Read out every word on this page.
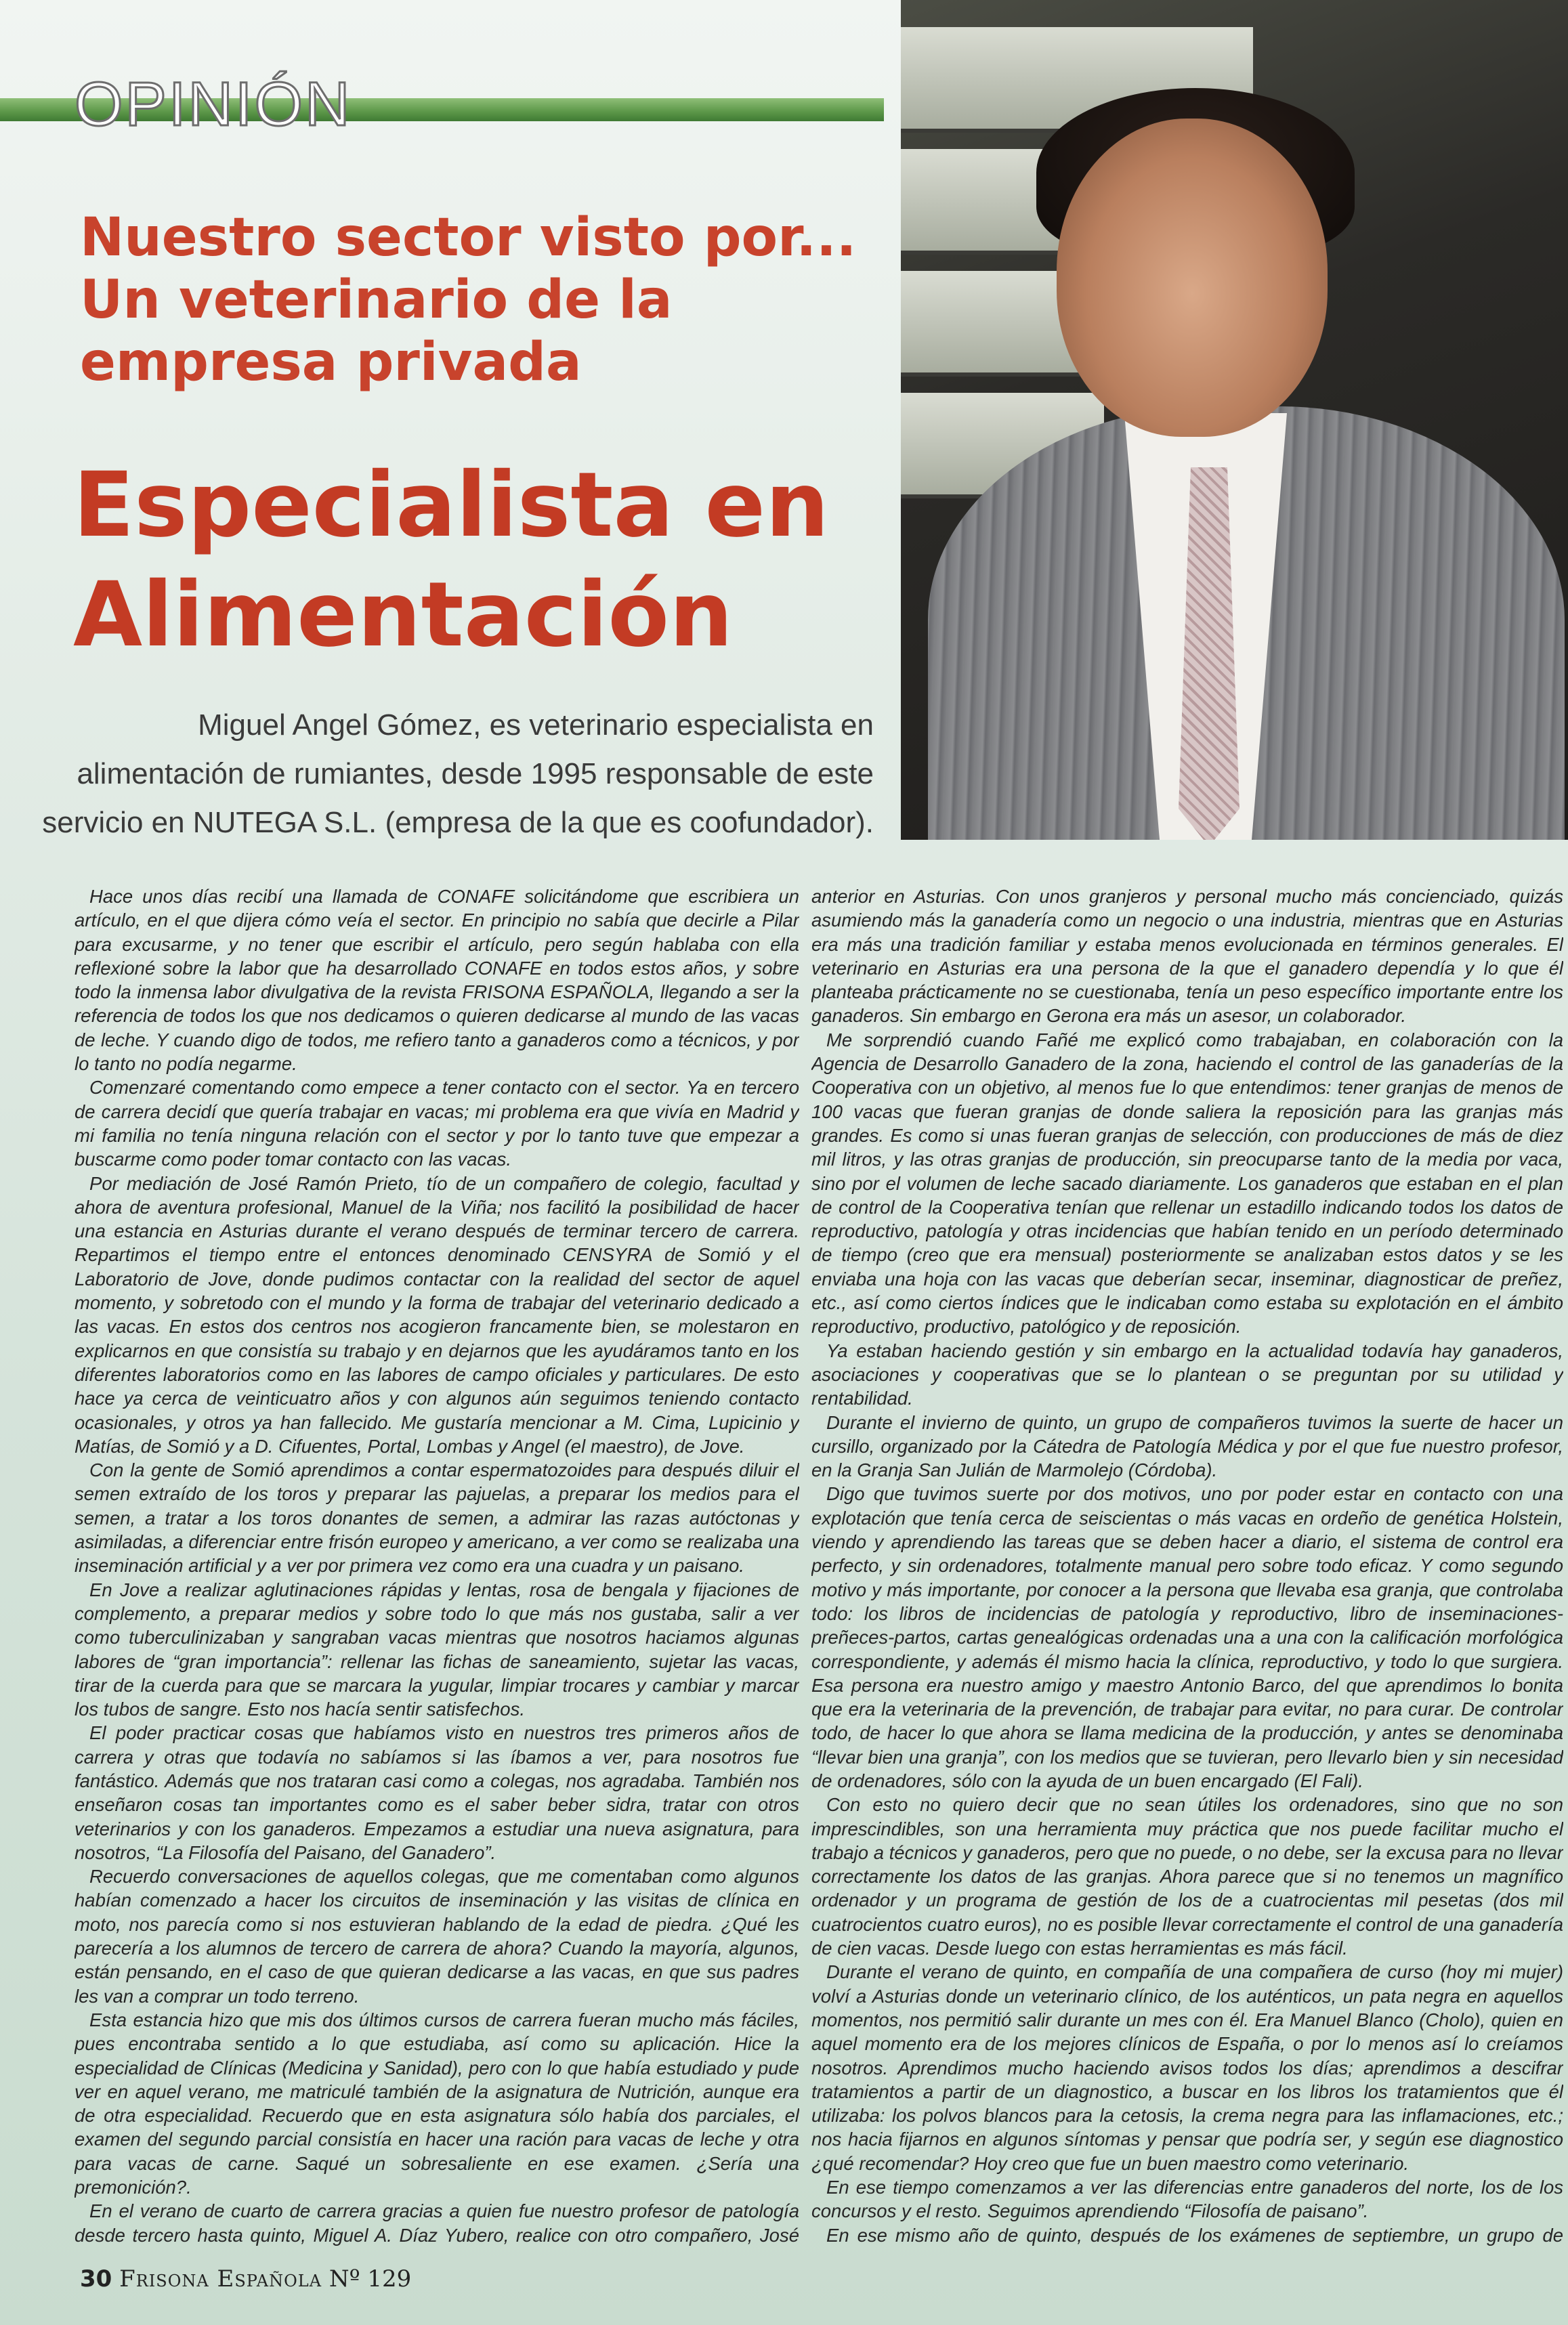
OPINIÓN
Nuestro sector visto por...
Un veterinario de la
empresa privada
Especialista en
Alimentación
Miguel Angel Gómez, es veterinario especialista en
alimentación de rumiantes, desde 1995 responsable de este
servicio en NUTEGA S.L. (empresa de la que es coofundador).

Hace unos días recibí una llamada de CONAFE solicitándome que escribiera un artículo, en el que dijera cómo veía el sector. En principio no sabía que decirle a Pilar para excusarme, y no tener que escribir el artículo, pero según hablaba con ella reflexioné sobre la labor que ha desarrollado CONAFE en todos estos años, y sobre todo la inmensa labor divulgativa de la revista FRISONA ESPAÑOLA, llegando a ser la referencia de todos los que nos dedicamos o quieren dedicarse al mundo de las vacas de leche. Y cuando digo de todos, me refiero tanto a ganaderos como a técnicos, y por lo tanto no podía negarme.

Comenzaré comentando como empece a tener contacto con el sector. Ya en tercero de carrera decidí que quería trabajar en vacas; mi problema era que vivía en Madrid y mi familia no tenía ninguna relación con el sector y por lo tanto tuve que empezar a buscarme como poder tomar contacto con las vacas.

Por mediación de José Ramón Prieto, tío de un compañero de colegio, facultad y ahora de aventura profesional, Manuel de la Viña; nos facilitó la posibilidad de hacer una estancia en Asturias durante el verano después de terminar tercero de carrera. Repartimos el tiempo entre el entonces denominado CENSYRA de Somió y el Laboratorio de Jove, donde pudimos contactar con la realidad del sector de aquel momento, y sobretodo con el mundo y la forma de trabajar del veterinario dedicado a las vacas. En estos dos centros nos acogieron francamente bien, se molestaron en explicarnos en que consistía su trabajo y en dejarnos que les ayudáramos tanto en los diferentes laboratorios como en las labores de campo oficiales y particulares. De esto hace ya cerca de veinticuatro años y con algunos aún seguimos teniendo contacto ocasionales, y otros ya han fallecido. Me gustaría mencionar a M. Cima, Lupicinio y Matías, de Somió y a D. Cifuentes, Portal, Lombas y Angel (el maestro), de Jove.

Con la gente de Somió aprendimos a contar espermatozoides para después diluir el semen extraído de los toros y preparar las pajuelas, a preparar los medios para el semen, a tratar a los toros donantes de semen, a admirar las razas autóctonas y asimiladas, a diferenciar entre frisón europeo y americano, a ver como se realizaba una inseminación artificial y a ver por primera vez como era una cuadra y un paisano.

En Jove a realizar aglutinaciones rápidas y lentas, rosa de bengala y fijaciones de complemento, a preparar medios y sobre todo lo que más nos gustaba, salir a ver como tuberculinizaban y sangraban vacas mientras que nosotros haciamos algunas labores de “gran importancia”: rellenar las fichas de saneamiento, sujetar las vacas, tirar de la cuerda para que se marcara la yugular, limpiar trocares y cambiar y marcar los tubos de sangre. Esto nos hacía sentir satisfechos.

El poder practicar cosas que habíamos visto en nuestros tres primeros años de carrera y otras que todavía no sabíamos si las íbamos a ver, para nosotros fue fantástico. Además que nos trataran casi como a colegas, nos agradaba. También nos enseñaron cosas tan importantes como es el saber beber sidra, tratar con otros veterinarios y con los ganaderos. Empezamos a estudiar una nueva asignatura, para nosotros, “La Filosofía del Paisano, del Ganadero”.

Recuerdo conversaciones de aquellos colegas, que me comentaban como algunos habían comenzado a hacer los circuitos de inseminación y las visitas de clínica en moto, nos parecía como si nos estuvieran hablando de la edad de piedra. ¿Qué les parecería a los alumnos de tercero de carrera de ahora? Cuando la mayoría, algunos, están pensando, en el caso de que quieran dedicarse a las vacas, en que sus padres les van a comprar un todo terreno.

Esta estancia hizo que mis dos últimos cursos de carrera fueran mucho más fáciles, pues encontraba sentido a lo que estudiaba, así como su aplicación. Hice la especialidad de Clínicas (Medicina y Sanidad), pero con lo que había estudiado y pude ver en aquel verano, me matriculé también de la asignatura de Nutrición, aunque era de otra especialidad. Recuerdo que en esta asignatura sólo había dos parciales, el examen del segundo parcial consistía en hacer una ración para vacas de leche y otra para vacas de carne. Saqué un sobresaliente en ese examen. ¿Sería una premonición?.

En el verano de cuarto de carrera gracias a quien fue nuestro profesor de patología desde tercero hasta quinto, Miguel A. Díaz Yubero, realice con otro compañero, José

anterior en Asturias. Con unos granjeros y personal mucho más concienciado, quizás asumiendo más la ganadería como un negocio o una industria, mientras que en Asturias era más una tradición familiar y estaba menos evolucionada en términos generales. El veterinario en Asturias era una persona de la que el ganadero dependía y lo que él planteaba prácticamente no se cuestionaba, tenía un peso específico importante entre los ganaderos. Sin embargo en Gerona era más un asesor, un colaborador.

Me sorprendió cuando Fañé me explicó como trabajaban, en colaboración con la Agencia de Desarrollo Ganadero de la zona, haciendo el control de las ganaderías de la Cooperativa con un objetivo, al menos fue lo que entendimos: tener granjas de menos de 100 vacas que fueran granjas de donde saliera la reposición para las granjas más grandes. Es como si unas fueran granjas de selección, con producciones de más de diez mil litros, y las otras granjas de producción, sin preocuparse tanto de la media por vaca, sino por el volumen de leche sacado diariamente. Los ganaderos que estaban en el plan de control de la Cooperativa tenían que rellenar un estadillo indicando todos los datos de reproductivo, patología y otras incidencias que habían tenido en un período determinado de tiempo (creo que era mensual) posteriormente se analizaban estos datos y se les enviaba una hoja con las vacas que deberían secar, inseminar, diagnosticar de preñez, etc., así como ciertos índices que le indicaban como estaba su explotación en el ámbito reproductivo, productivo, patológico y de reposición.

Ya estaban haciendo gestión y sin embargo en la actualidad todavía hay ganaderos, asociaciones y cooperativas que se lo plantean o se preguntan por su utilidad y rentabilidad.

Durante el invierno de quinto, un grupo de compañeros tuvimos la suerte de hacer un cursillo, organizado por la Cátedra de Patología Médica y por el que fue nuestro profesor, en la Granja San Julián de Marmolejo (Córdoba).

Digo que tuvimos suerte por dos motivos, uno por poder estar en contacto con una explotación que tenía cerca de seiscientas o más vacas en ordeño de genética Holstein, viendo y aprendiendo las tareas que se deben hacer a diario, el sistema de control era perfecto, y sin ordenadores, totalmente manual pero sobre todo eficaz. Y como segundo motivo y más importante, por conocer a la persona que llevaba esa granja, que controlaba todo: los libros de incidencias de patología y reproductivo, libro de inseminaciones-preñeces-partos, cartas genealógicas ordenadas una a una con la calificación morfológica correspondiente, y además él mismo hacia la clínica, reproductivo, y todo lo que surgiera. Esa persona era nuestro amigo y maestro Antonio Barco, del que aprendimos lo bonita que era la veterinaria de la prevención, de trabajar para evitar, no para curar. De controlar todo, de hacer lo que ahora se llama medicina de la producción, y antes se denominaba “llevar bien una granja”, con los medios que se tuvieran, pero llevarlo bien y sin necesidad de ordenadores, sólo con la ayuda de un buen encargado (El Fali).

Con esto no quiero decir que no sean útiles los ordenadores, sino que no son imprescindibles, son una herramienta muy práctica que nos puede facilitar mucho el trabajo a técnicos y ganaderos, pero que no puede, o no debe, ser la excusa para no llevar correctamente los datos de las granjas. Ahora parece que si no tenemos un magnífico ordenador y un programa de gestión de los de a cuatrocientas mil pesetas (dos mil cuatrocientos cuatro euros), no es posible llevar correctamente el control de una ganadería de cien vacas. Desde luego con estas herramientas es más fácil.

Durante el verano de quinto, en compañía de una compañera de curso (hoy mi mujer) volví a Asturias donde un veterinario clínico, de los auténticos, un pata negra en aquellos momentos, nos permitió salir durante un mes con él. Era Manuel Blanco (Cholo), quien en aquel momento era de los mejores clínicos de España, o por lo menos así lo creíamos nosotros. Aprendimos mucho haciendo avisos todos los días; aprendimos a descifrar tratamientos a partir de un diagnostico, a buscar en los libros los tratamientos que él utilizaba: los polvos blancos para la cetosis, la crema negra para las inflamaciones, etc.; nos hacia fijarnos en algunos síntomas y pensar que podría ser, y según ese diagnostico ¿qué recomendar? Hoy creo que fue un buen maestro como veterinario.

En ese tiempo comenzamos a ver las diferencias entre ganaderos del norte, los de los concursos y el resto. Seguimos aprendiendo “Filosofía de paisano”.

En ese mismo año de quinto, después de los exámenes de septiembre, un grupo de

30 Frisona Española Nº 129
